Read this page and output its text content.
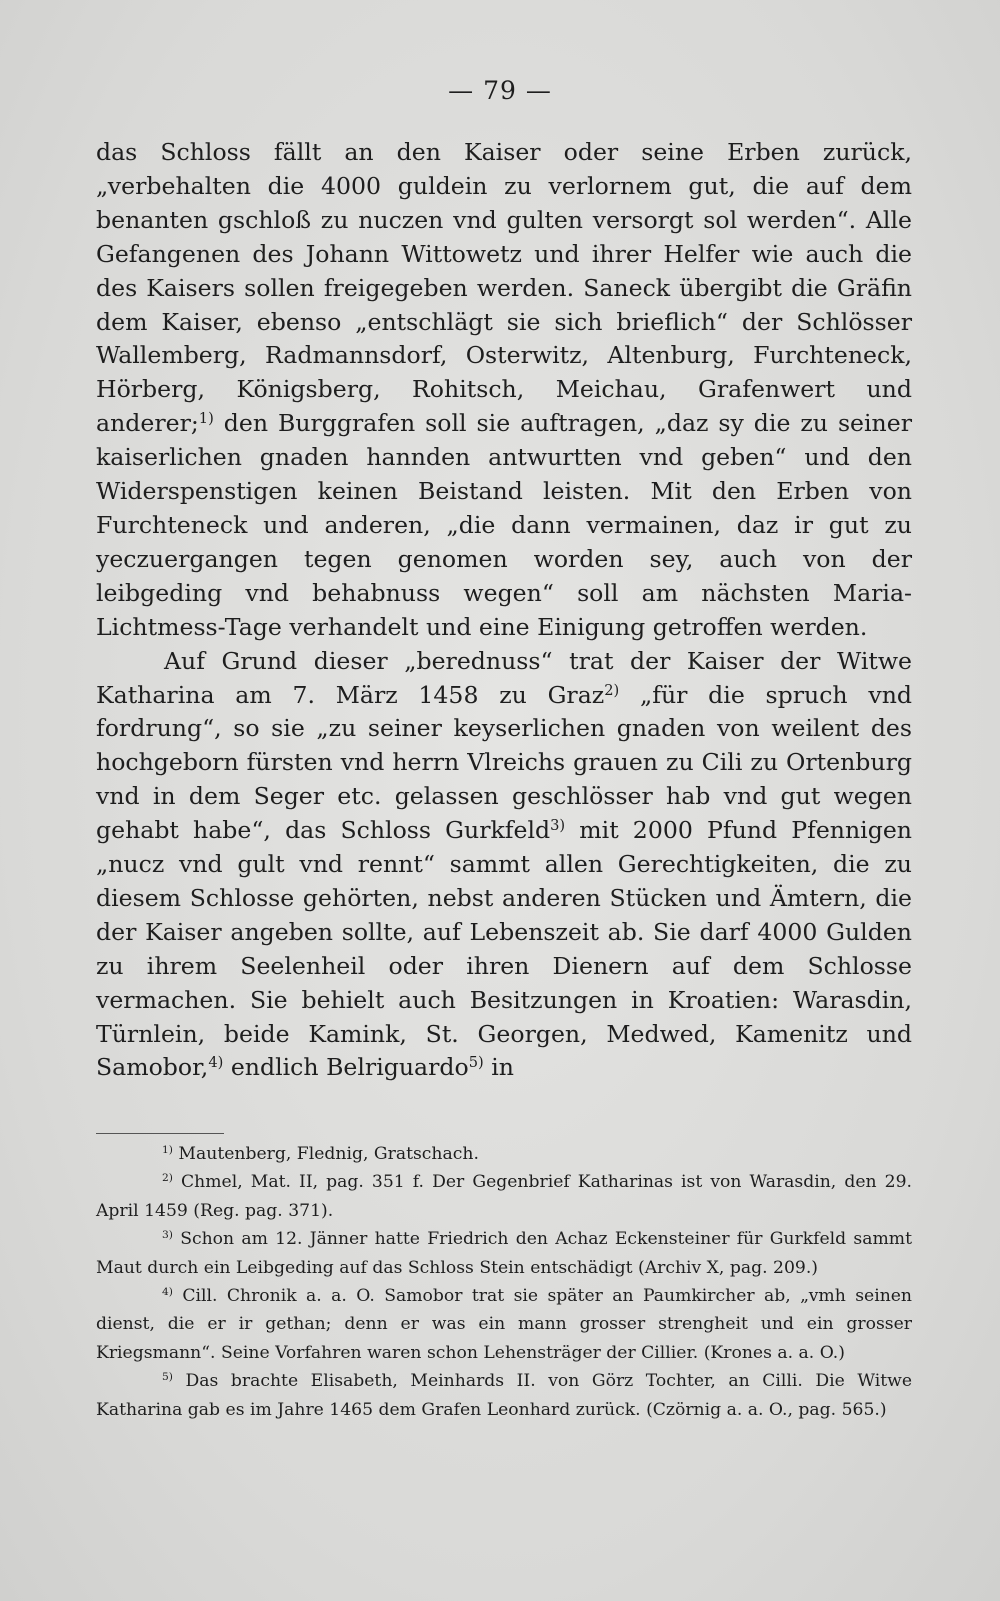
— 79 —

das Schloss fällt an den Kaiser oder seine Erben zurück, „verbehalten die 4000 guldein zu verlornem gut, die auf dem benanten gschloß zu nuczen vnd gulten versorgt sol werden“. Alle Gefangenen des Johann Wittowetz und ihrer Helfer wie auch die des Kaisers sollen freigegeben werden. Saneck übergibt die Gräfin dem Kaiser, ebenso „entschlägt sie sich brieflich“ der Schlösser Wallemberg, Radmannsdorf, Osterwitz, Altenburg, Furchteneck, Hörberg, Königsberg, Rohitsch, Meichau, Grafenwert und anderer;$^{1)}$ den Burggrafen soll sie auftragen, „daz sy die zu seiner kaiserlichen gnaden hannden antwurtten vnd geben“ und den Widerspenstigen keinen Beistand leisten. Mit den Erben von Furchteneck und anderen, „die dann vermainen, daz ir gut zu yeczuergangen tegen genomen worden sey, auch von der leibgeding vnd behabnuss wegen“ soll am nächsten Maria-Lichtmess-Tage verhandelt und eine Einigung getroffen werden.

Auf Grund dieser „berednuss“ trat der Kaiser der Witwe Katharina am 7. März 1458 zu Graz$^{2)}$ „für die spruch vnd fordrung“, so sie „zu seiner keyserlichen gnaden von weilent des hochgeborn fürsten vnd herrn Vlreichs grauen zu Cili zu Ortenburg vnd in dem Seger etc. gelassen geschlösser hab vnd gut wegen gehabt habe“, das Schloss Gurkfeld$^{3)}$ mit 2000 Pfund Pfennigen „nucz vnd gult vnd rennt“ sammt allen Gerechtigkeiten, die zu diesem Schlosse gehörten, nebst anderen Stücken und Ämtern, die der Kaiser angeben sollte, auf Lebenszeit ab. Sie darf 4000 Gulden zu ihrem Seelenheil oder ihren Dienern auf dem Schlosse vermachen. Sie behielt auch Besitzungen in Kroatien: Warasdin, Türnlein, beide Kamink, St. Georgen, Medwed, Kamenitz und Samobor,$^{4)}$ endlich Belriguardo$^{5)}$ in

$^{1)}$ Mautenberg, Flednig, Gratschach.

$^{2)}$ Chmel, Mat. II, pag. 351 f. Der Gegenbrief Katharinas ist von Warasdin, den 29. April 1459 (Reg. pag. 371).

$^{3)}$ Schon am 12. Jänner hatte Friedrich den Achaz Eckensteiner für Gurkfeld sammt Maut durch ein Leibgeding auf das Schloss Stein entschädigt (Archiv X, pag. 209.)

$^{4)}$ Cill. Chronik a. a. O. Samobor trat sie später an Paumkircher ab, „vmh seinen dienst, die er ir gethan; denn er was ein mann grosser strengheit und ein grosser Kriegsmann“. Seine Vorfahren waren schon Lehensträger der Cillier. (Krones a. a. O.)

$^{5)}$ Das brachte Elisabeth, Meinhards II. von Görz Tochter, an Cilli. Die Witwe Katharina gab es im Jahre 1465 dem Grafen Leonhard zurück. (Czörnig a. a. O., pag. 565.)
